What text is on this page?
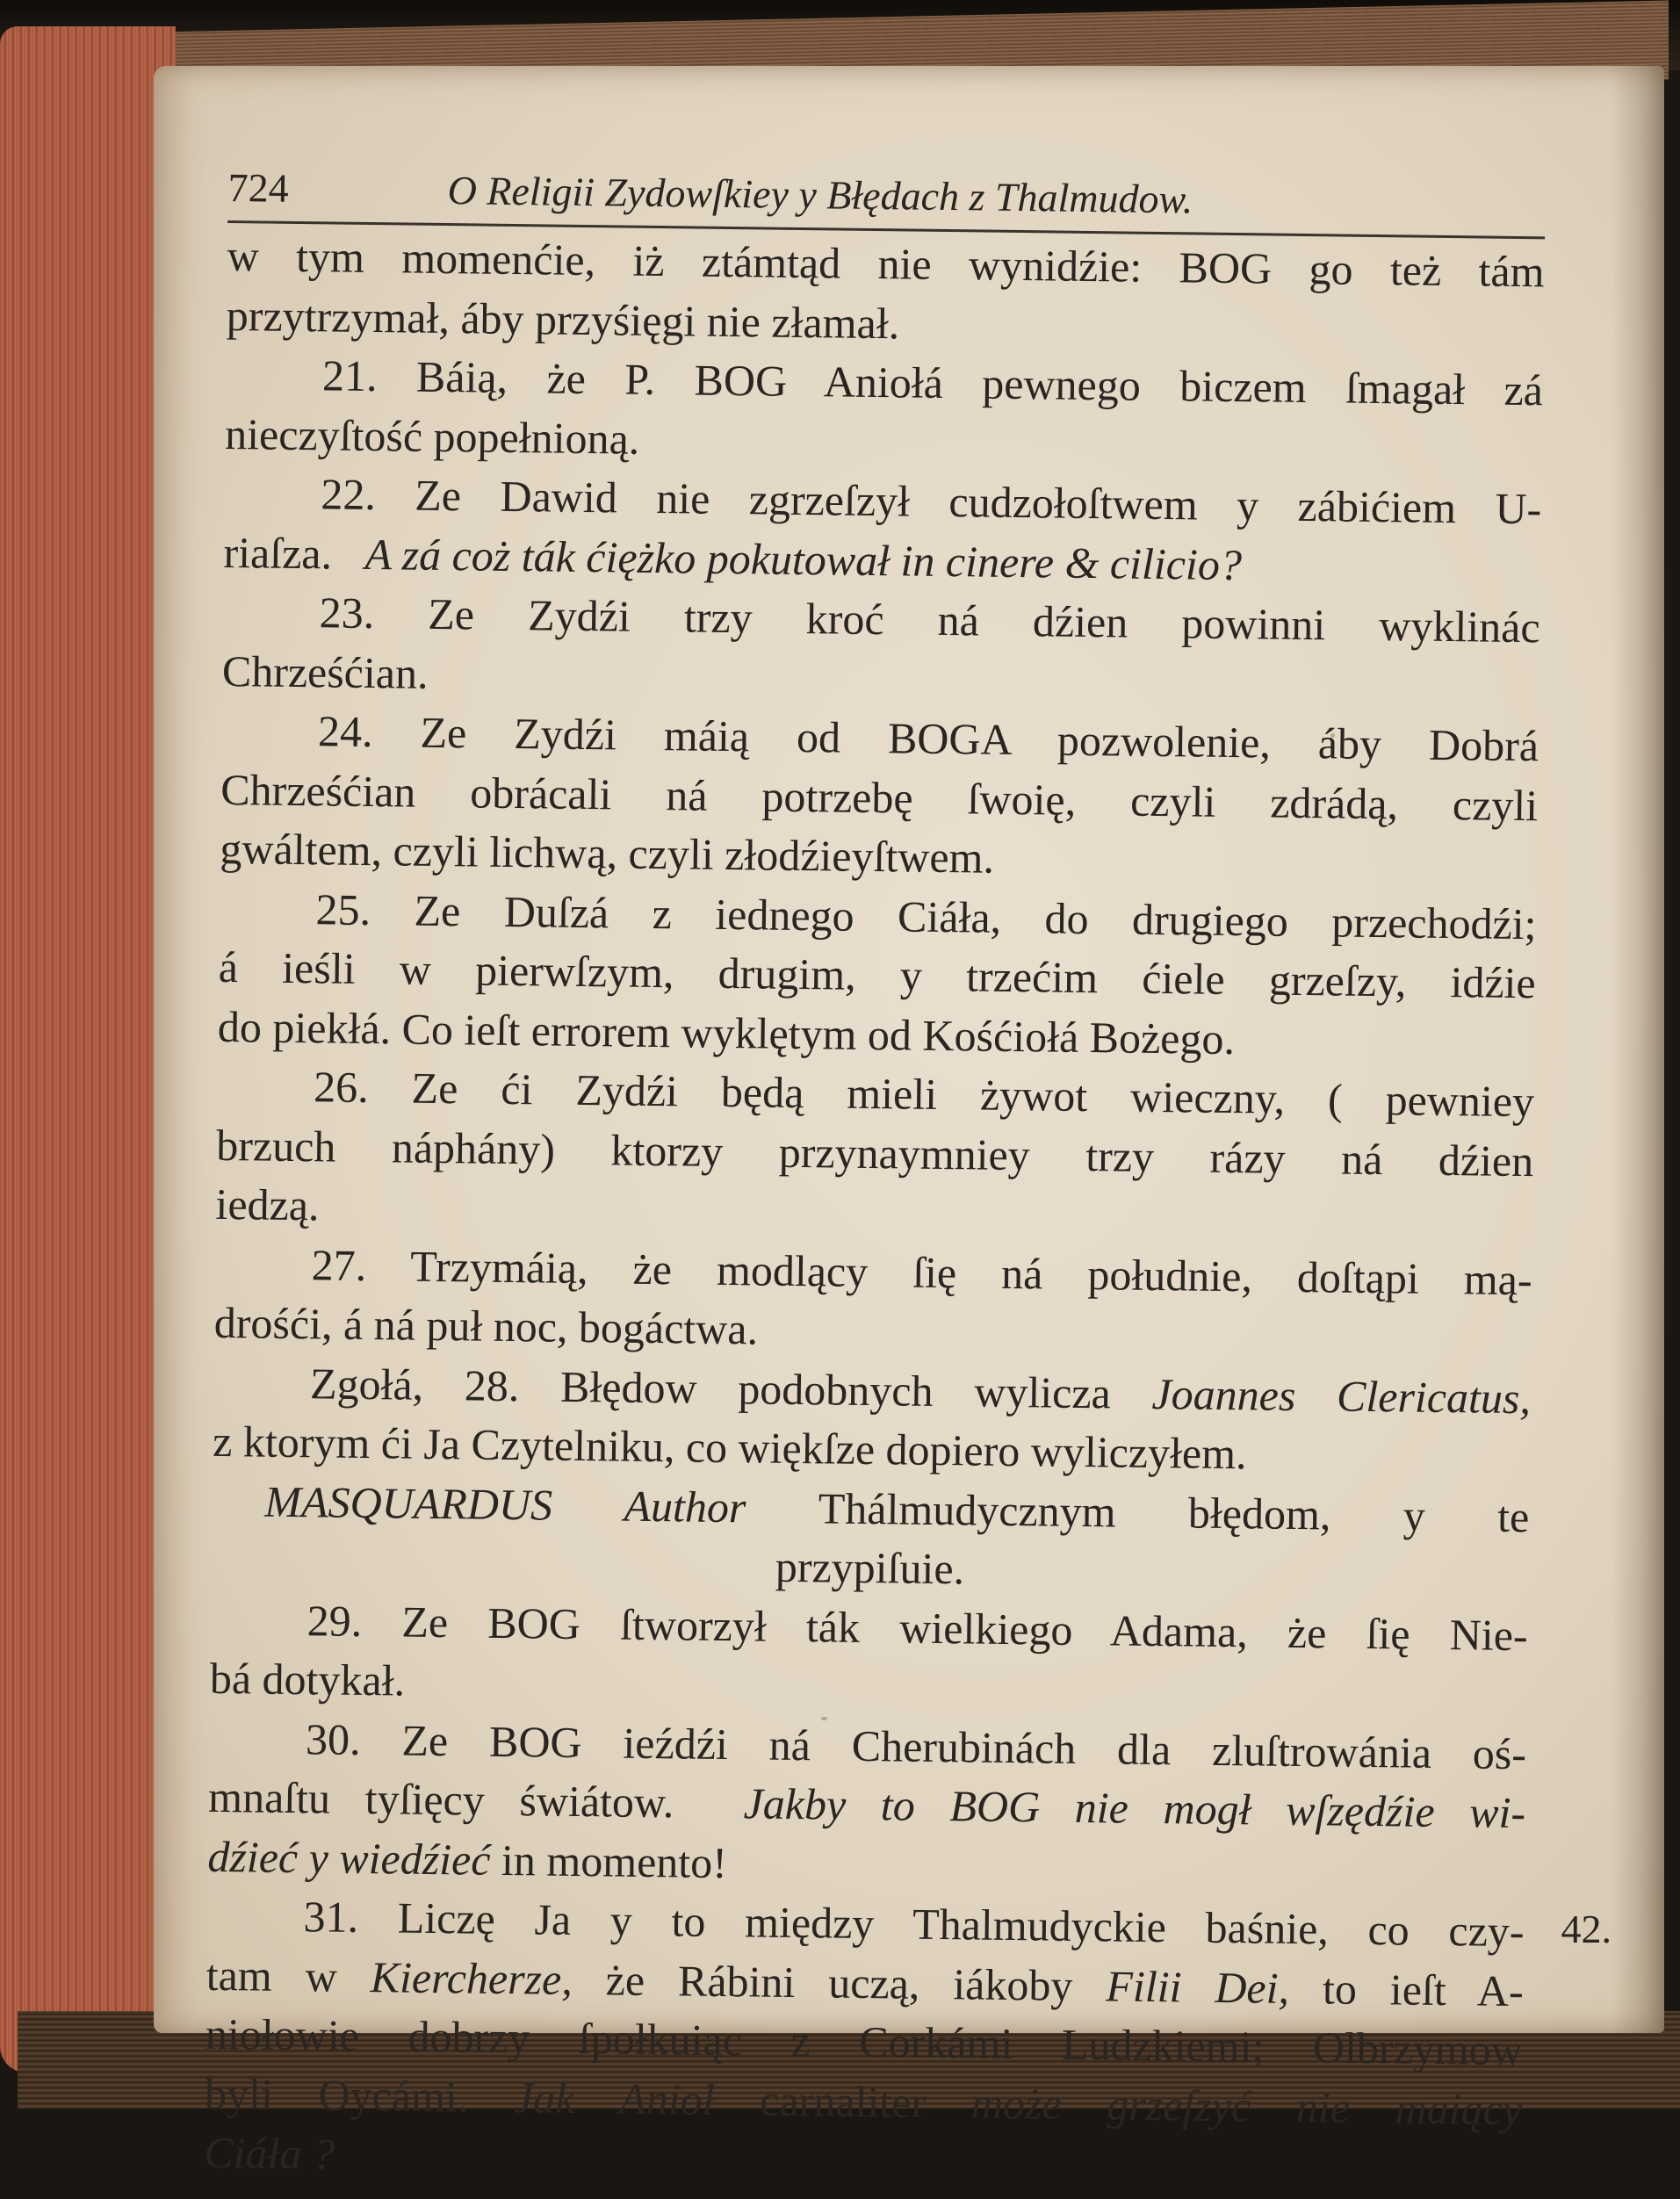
724	O Religii Zydowſkiey y Błędach z Thalmudow.
w tym momenćie, iż ztámtąd nie wynidźie: BOG go też tám
przytrzymał, áby przyśięgi nie złamał.
21. Báią, że P. BOG Aniołá pewnego biczem ſmagał zá
nieczyſtość popełnioną.
22. Ze Dawid nie zgrzeſzył cudzołoſtwem y zábićiem U-
riaſza. A zá coż ták ćiężko pokutował in cinere & cilicio?
23. Ze Zydźi trzy kroć ná dźien powinni wyklinác
Chrześćian.
24. Ze Zydźi máią od BOGA pozwolenie, áby Dobrá
Chrześćian obrácali ná potrzebę ſwoię, czyli zdrádą, czyli
gwáltem, czyli lichwą, czyli złodźieyſtwem.
25. Ze Duſzá z iednego Ciáła, do drugiego przechodźi;
á ieśli w pierwſzym, drugim, y trzećim ćiele grzeſzy, idźie
do piekłá. Co ieſt errorem wyklętym od Kośćiołá Bożego.
26. Ze ći Zydźi będą mieli żywot wieczny, ( pewniey
brzuch náphány) ktorzy przynaymniey trzy rázy ná dźien
iedzą.
27. Trzymáią, że modlący ſię ná południe, doſtąpi mą-
drośći, á ná puł noc, bogáctwa.
Zgołá, 28. Błędow podobnych wylicza Joannes Clericatus,
z ktorym ći Ja Czytelniku, co więkſze dopiero wyliczyłem.
MASQUARDUS Author Thálmudycznym błędom, y te
przypiſuie.
29. Ze BOG ſtworzył ták wielkiego Adama, że ſię Nie-
bá dotykał.
30. Ze BOG ieźdźi ná Cherubinách dla zluſtrowánia oś-
mnaſtu tyſięcy świátow. Jakby to BOG nie mogł wſzędźie wi-
dźieć y wiedźieć in momento!
31. Liczę Ja y to między Thalmudyckie baśnie, co czy-
tam w Kiercherze, że Rábini uczą, iákoby Filii Dei, to ieſt A-
niołowie dobrzy ſpołkuiąc z Corkámi Ludzkiemi; Olbrzymow
byli Oycámi. Jak Anioł carnaliter może grzeſzyć nie maiący
Ciáła ?
42.
